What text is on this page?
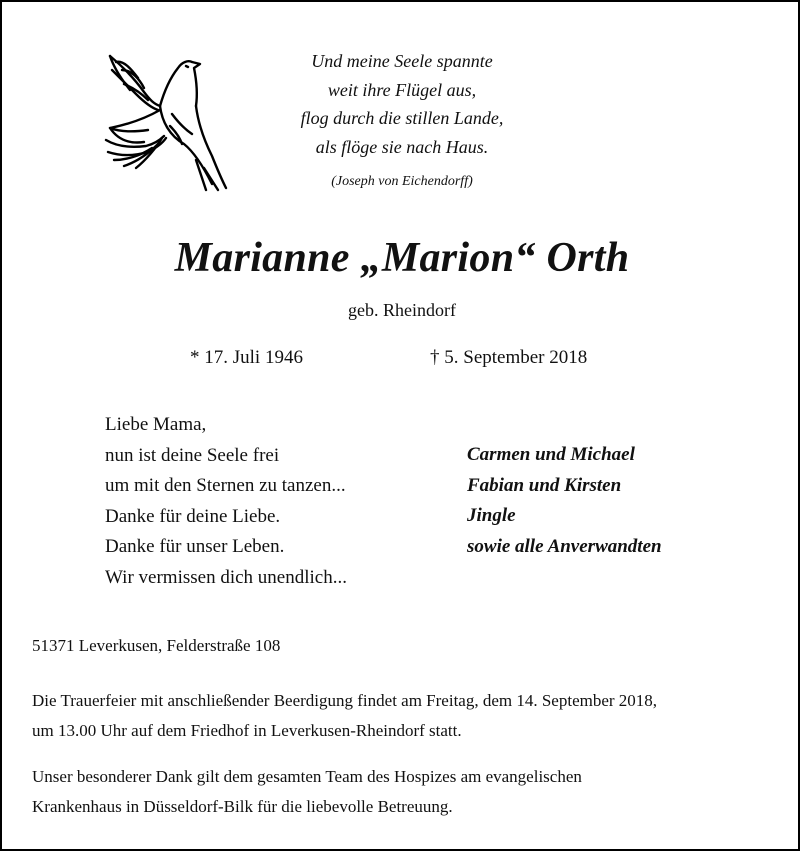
Und meine Seele spannte
weit ihre Flügel aus,
flog durch die stillen Lande,
als flöge sie nach Haus.
(Joseph von Eichendorff)
Marianne „Marion“ Orth
geb. Rheindorf
* 17. Juli 1946	† 5. September 2018
Liebe Mama,
nun ist deine Seele frei
um mit den Sternen zu tanzen...
Danke für deine Liebe.
Danke für unser Leben.
Wir vermissen dich unendlich...
Carmen und Michael
Fabian und Kirsten
Jingle
sowie alle Anverwandten
51371 Leverkusen, Felderstraße 108
Die Trauerfeier mit anschließender Beerdigung findet am Freitag, dem 14. September 2018,
um 13.00 Uhr auf dem Friedhof in Leverkusen-Rheindorf statt.
Unser besonderer Dank gilt dem gesamten Team des Hospizes am evangelischen
Krankenhaus in Düsseldorf-Bilk für die liebevolle Betreuung.
